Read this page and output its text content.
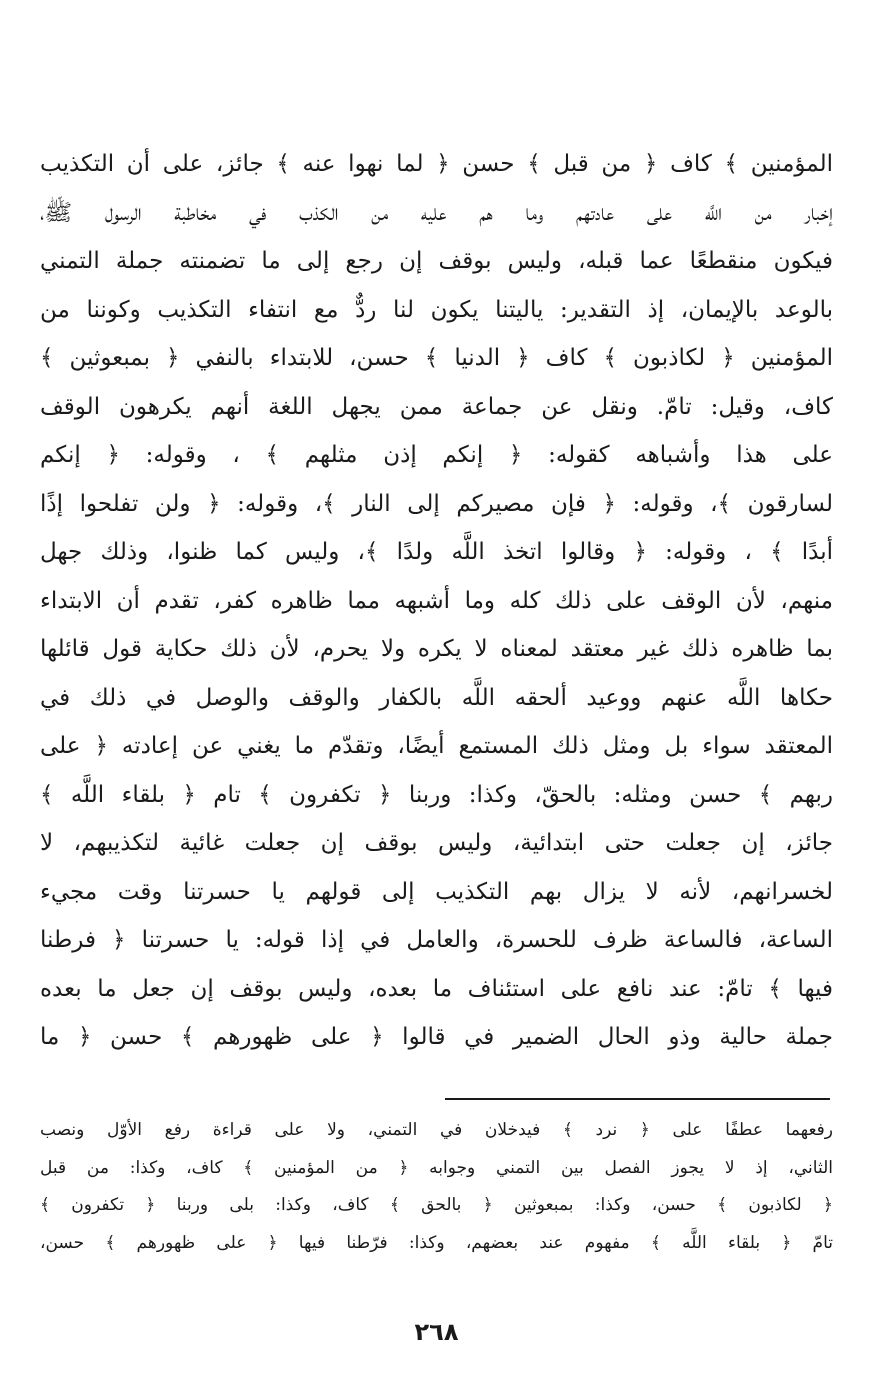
المؤمنين ﴾ كاف ﴿ من قبل ﴾ حسن ﴿ لما نهوا عنه ﴾ جائز، على أن التكذيب
إخبار من اللَّه على عادتهم وما هم عليه من الكذب في مخاطبة الرسول ﷺ،
فيكون منقطعًا عما قبله، وليس بوقف إن رجع إلى ما تضمنته جملة التمني
بالوعد بالإيمان، إذ التقدير: ياليتنا يكون لنا ردٌّ مع انتفاء التكذيب وكوننا من
المؤمنين ﴿ لكاذبون ﴾ كاف ﴿ الدنيا ﴾ حسن، للابتداء بالنفي ﴿ بمبعوثين ﴾
كاف، وقيل: تامّ. ونقل عن جماعة ممن يجهل اللغة أنهم يكرهون الوقف
على هذا وأشباهه كقوله: ﴿ إنكم إذن مثلهم ﴾ ، وقوله: ﴿ إنكم
لسارقون ﴾، وقوله: ﴿ فإن مصيركم إلى النار ﴾، وقوله: ﴿ ولن تفلحوا إذًا
أبدًا ﴾ ، وقوله: ﴿ وقالوا اتخذ اللَّه ولدًا ﴾، وليس كما ظنوا، وذلك جهل
منهم، لأن الوقف على ذلك كله وما أشبهه مما ظاهره كفر، تقدم أن الابتداء
بما ظاهره ذلك غير معتقد لمعناه لا يكره ولا يحرم، لأن ذلك حكاية قول قائلها
حكاها اللَّه عنهم ووعيد ألحقه اللَّه بالكفار والوقف والوصل في ذلك في
المعتقد سواء بل ومثل ذلك المستمع أيضًا، وتقدّم ما يغني عن إعادته ﴿ على
ربهم ﴾ حسن ومثله: بالحقّ، وكذا: وربنا ﴿ تكفرون ﴾ تام ﴿ بلقاء اللَّه ﴾
جائز، إن جعلت حتى ابتدائية، وليس بوقف إن جعلت غائية لتكذيبهم، لا
لخسرانهم، لأنه لا يزال بهم التكذيب إلى قولهم يا حسرتنا وقت مجيء
الساعة، فالساعة ظرف للحسرة، والعامل في إذا قوله: يا حسرتنا ﴿ فرطنا
فيها ﴾ تامّ: عند نافع على استئناف ما بعده، وليس بوقف إن جعل ما بعده
جملة حالية وذو الحال الضمير في قالوا ﴿ على ظهورهم ﴾ حسن ﴿ ما
رفعهما عطفًا على ﴿ نرد ﴾ فيدخلان في التمني، ولا على قراءة رفع الأوّل ونصب
الثاني، إذ لا يجوز الفصل بين التمني وجوابه ﴿ من المؤمنين ﴾ كاف، وكذا: من قبل
﴿ لكاذبون ﴾ حسن، وكذا: بمبعوثين ﴿ بالحق ﴾ كاف، وكذا: بلى وربنا ﴿ تكفرون ﴾
تامّ ﴿ بلقاء اللَّه ﴾ مفهوم عند بعضهم، وكذا: فرّطنا فيها ﴿ على ظهورهم ﴾ حسن،
٢٦٨
